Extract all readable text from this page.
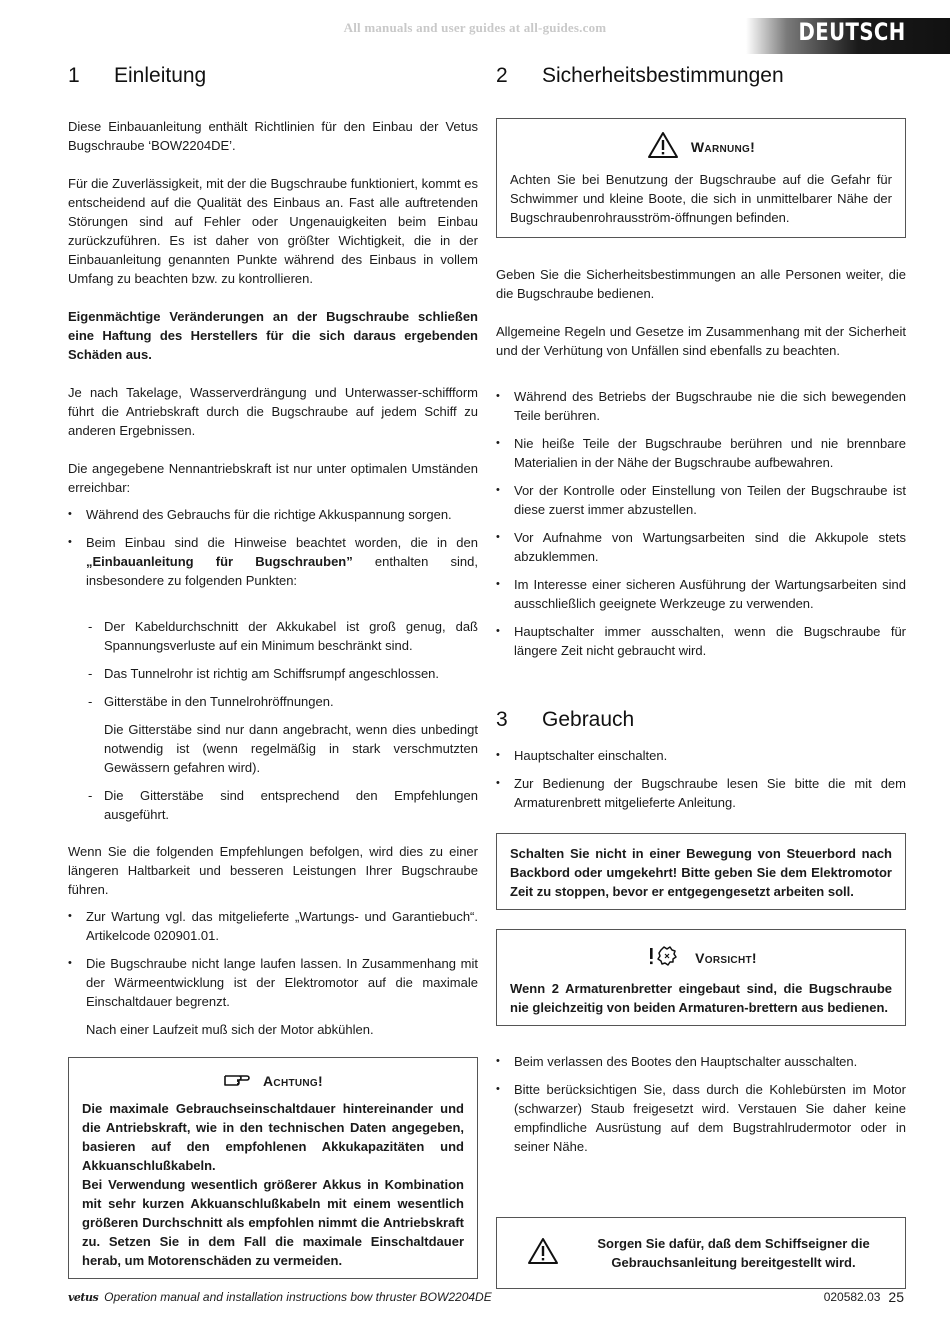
All manuals and user guides at all-guides.com	DEUTSCH
1	Einleitung

Diese Einbauanleitung enthält Richtlinien für den Einbau der Vetus Bugschraube ‘BOW2204DE’.

Für die Zuverlässigkeit, mit der die Bugschraube funktioniert, kommt es entscheidend auf die Qualität des Einbaus an. Fast alle auftretenden Störungen sind auf Fehler oder Ungenauigkeiten beim Einbau zurückzuführen. Es ist daher von größter Wichtigkeit, die in der Einbauanleitung genannten Punkte während des Einbaus in vollem Umfang zu beachten bzw. zu kontrollieren.

Eigenmächtige Veränderungen an der Bugschraube schließen eine Haftung des Herstellers für die sich daraus ergebenden Schäden aus.

Je nach Takelage, Wasserverdrängung und Unterwasser-schiffform führt die Antriebskraft durch die Bugschraube auf jedem Schiff zu anderen Ergebnissen.

Die angegebene Nennantriebskraft ist nur unter optimalen Umständen erreichbar:

• Während des Gebrauchs für die richtige Akkuspannung sorgen.
• Beim Einbau sind die Hinweise beachtet worden, die in den „Einbauanleitung für Bugschrauben” enthalten sind, insbesondere zu folgenden Punkten:
- Der Kabeldurchschnitt der Akkukabel ist groß genug, daß Spannungsverluste auf ein Minimum beschränkt sind.
- Das Tunnelrohr ist richtig am Schiffsrumpf angeschlossen.
- Gitterstäbe in den Tunnelrohröffnungen.
Die Gitterstäbe sind nur dann angebracht, wenn dies unbedingt notwendig ist (wenn regelmäßig in stark verschmutzten Gewässern gefahren wird).
- Die Gitterstäbe sind entsprechend den Empfehlungen ausgeführt.

Wenn Sie die folgenden Empfehlungen befolgen, wird dies zu einer längeren Haltbarkeit und besseren Leistungen Ihrer Bugschraube führen.

• Zur Wartung vgl. das mitgelieferte „Wartungs- und Garantiebuch“. Artikelcode 020901.01.
• Die Bugschraube nicht lange laufen lassen. In Zusammenhang mit der Wärmeentwicklung ist der Elektromotor auf die maximale Einschaltdauer begrenzt.
Nach einer Laufzeit muß sich der Motor abkühlen.
Achtung!

Die maximale Gebrauchseinschaltdauer hintereinander und die Antriebskraft, wie in den technischen Daten angegeben, basieren auf den empfohlenen Akkukapazitäten und Akkuanschlußkabeln.

Bei Verwendung wesentlich größerer Akkus in Kombination mit sehr kurzen Akkuanschlußkabeln mit einem wesentlich größeren Durchschnitt als empfohlen nimmt die Antriebskraft zu. Setzen Sie in dem Fall die maximale Einschaltdauer herab, um Motorenschäden zu vermeiden.

2	Sicherheitsbestimmungen
Warnung!

Achten Sie bei Benutzung der Bugschraube auf die Gefahr für Schwimmer und kleine Boote, die sich in unmittelbarer Nähe der Bugschraubenrohrausström-öffnungen befinden.

Geben Sie die Sicherheitsbestimmungen an alle Personen weiter, die die Bugschraube bedienen.

Allgemeine Regeln und Gesetze im Zusammenhang mit der Sicherheit und der Verhütung von Unfällen sind ebenfalls zu beachten.

• Während des Betriebs der Bugschraube nie die sich bewegenden Teile berühren.
• Nie heiße Teile der Bugschraube berühren und nie brennbare Materialien in der Nähe der Bugschraube aufbewahren.
• Vor der Kontrolle oder Einstellung von Teilen der Bugschraube ist diese zuerst immer abzustellen.
• Vor Aufnahme von Wartungsarbeiten sind die Akkupole stets abzuklemmen.
• Im Interesse einer sicheren Ausführung der Wartungsarbeiten sind ausschließlich geeignete Werkzeuge zu verwenden.
• Hauptschalter immer ausschalten, wenn die Bugschraube für längere Zeit nicht gebraucht wird.
3	Gebrauch
• Hauptschalter einschalten.
• Zur Bedienung der Bugschraube lesen Sie bitte die mit dem Armaturenbrett mitgelieferte Anleitung.

Schalten Sie nicht in einer Bewegung von Steuerbord nach Backbord oder umgekehrt! Bitte geben Sie dem Elektromotor Zeit zu stoppen, bevor er entgegengesetzt arbeiten soll.

Vorsicht!

Wenn 2 Armaturenbretter eingebaut sind, die Bugschraube nie gleichzeitig von beiden Armaturen-brettern aus bedienen.

• Beim verlassen des Bootes den Hauptschalter ausschalten.
• Bitte berücksichtigen Sie, dass durch die Kohlebürsten im Motor (schwarzer) Staub freigesetzt wird. Verstauen Sie daher keine empfindliche Ausrüstung auf dem Bugstrahlrudermotor oder in seiner Nähe.

Sorgen Sie dafür, daß dem Schiffseigner die Gebrauchsanleitung bereitgestellt wird.

vetus Operation manual and installation instructions bow thruster BOW2204DE	020582.03 25
